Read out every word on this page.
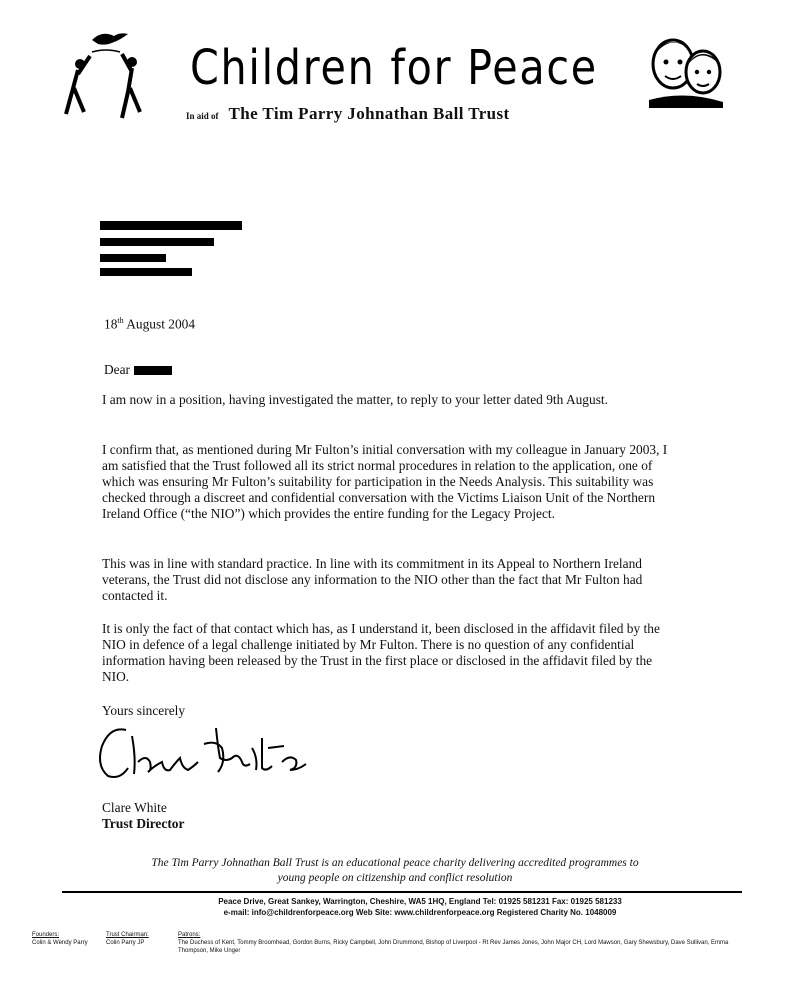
Children for Peace
In aid of The Tim Parry Johnathan Ball Trust
18th August 2004
Dear
I am now in a position, having investigated the matter, to reply to your letter dated 9th August.
I confirm that, as mentioned during Mr Fulton’s initial conversation with my colleague in January 2003, I am satisfied that the Trust followed all its strict normal procedures in relation to the application, one of which was ensuring Mr Fulton’s suitability for participation in the Needs Analysis. This suitability was checked through a discreet and confidential conversation with the Victims Liaison Unit of the Northern Ireland Office (“the NIO”) which provides the entire funding for the Legacy Project.
This was in line with standard practice. In line with its commitment in its Appeal to Northern Ireland veterans, the Trust did not disclose any information to the NIO other than the fact that Mr Fulton had contacted it.
It is only the fact of that contact which has, as I understand it, been disclosed in the affidavit filed by the NIO in defence of a legal challenge initiated by Mr Fulton. There is no question of any confidential information having been released by the Trust in the first place or disclosed in the affidavit filed by the NIO.
Yours sincerely
Clare White
Trust Director
The Tim Parry Johnathan Ball Trust is an educational peace charity delivering accredited programmes to
young people on citizenship and conflict resolution
Peace Drive, Great Sankey, Warrington, Cheshire, WA5 1HQ, England Tel: 01925 581231 Fax: 01925 581233
e-mail: info@childrenforpeace.org Web Site: www.childrenforpeace.org Registered Charity No. 1048009
Founders:
Colin & Wendy Parry
Trust Chairman:
Colin Parry JP
Patrons:
The Duchess of Kent, Tommy Broomhead, Gordon Burns, Ricky Campbell, John Drummond, Bishop of Liverpool - Rt Rev James Jones, John Major CH, Lord Mawson, Gary Shewsbury, Dave Sullivan, Emma Thompson, Mike Unger
